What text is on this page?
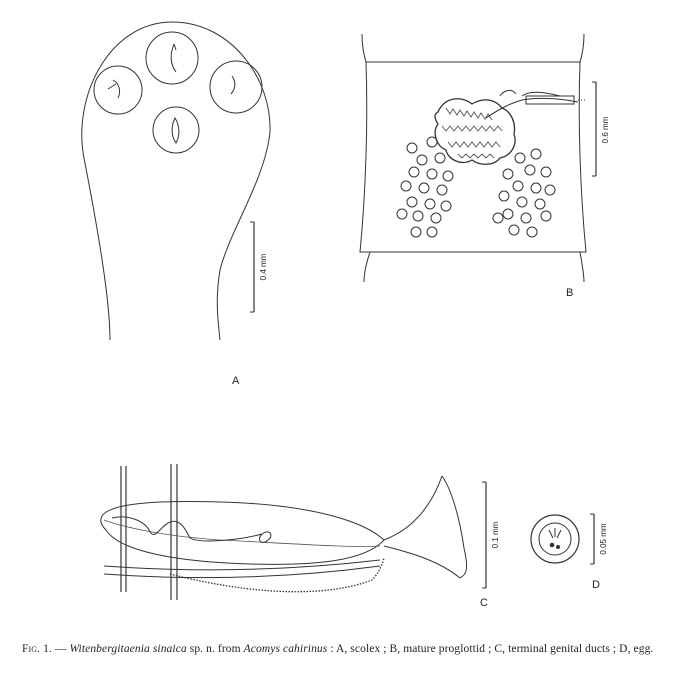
0.4 mm
A
0.6 mm
B
0.1 mm
C
0.05 mm
D
Fig. 1. — Witenbergitaenia sinaica sp. n. from Acomys cahirinus : A, scolex ; B, mature proglottid ; C, terminal genital ducts ; D, egg.
